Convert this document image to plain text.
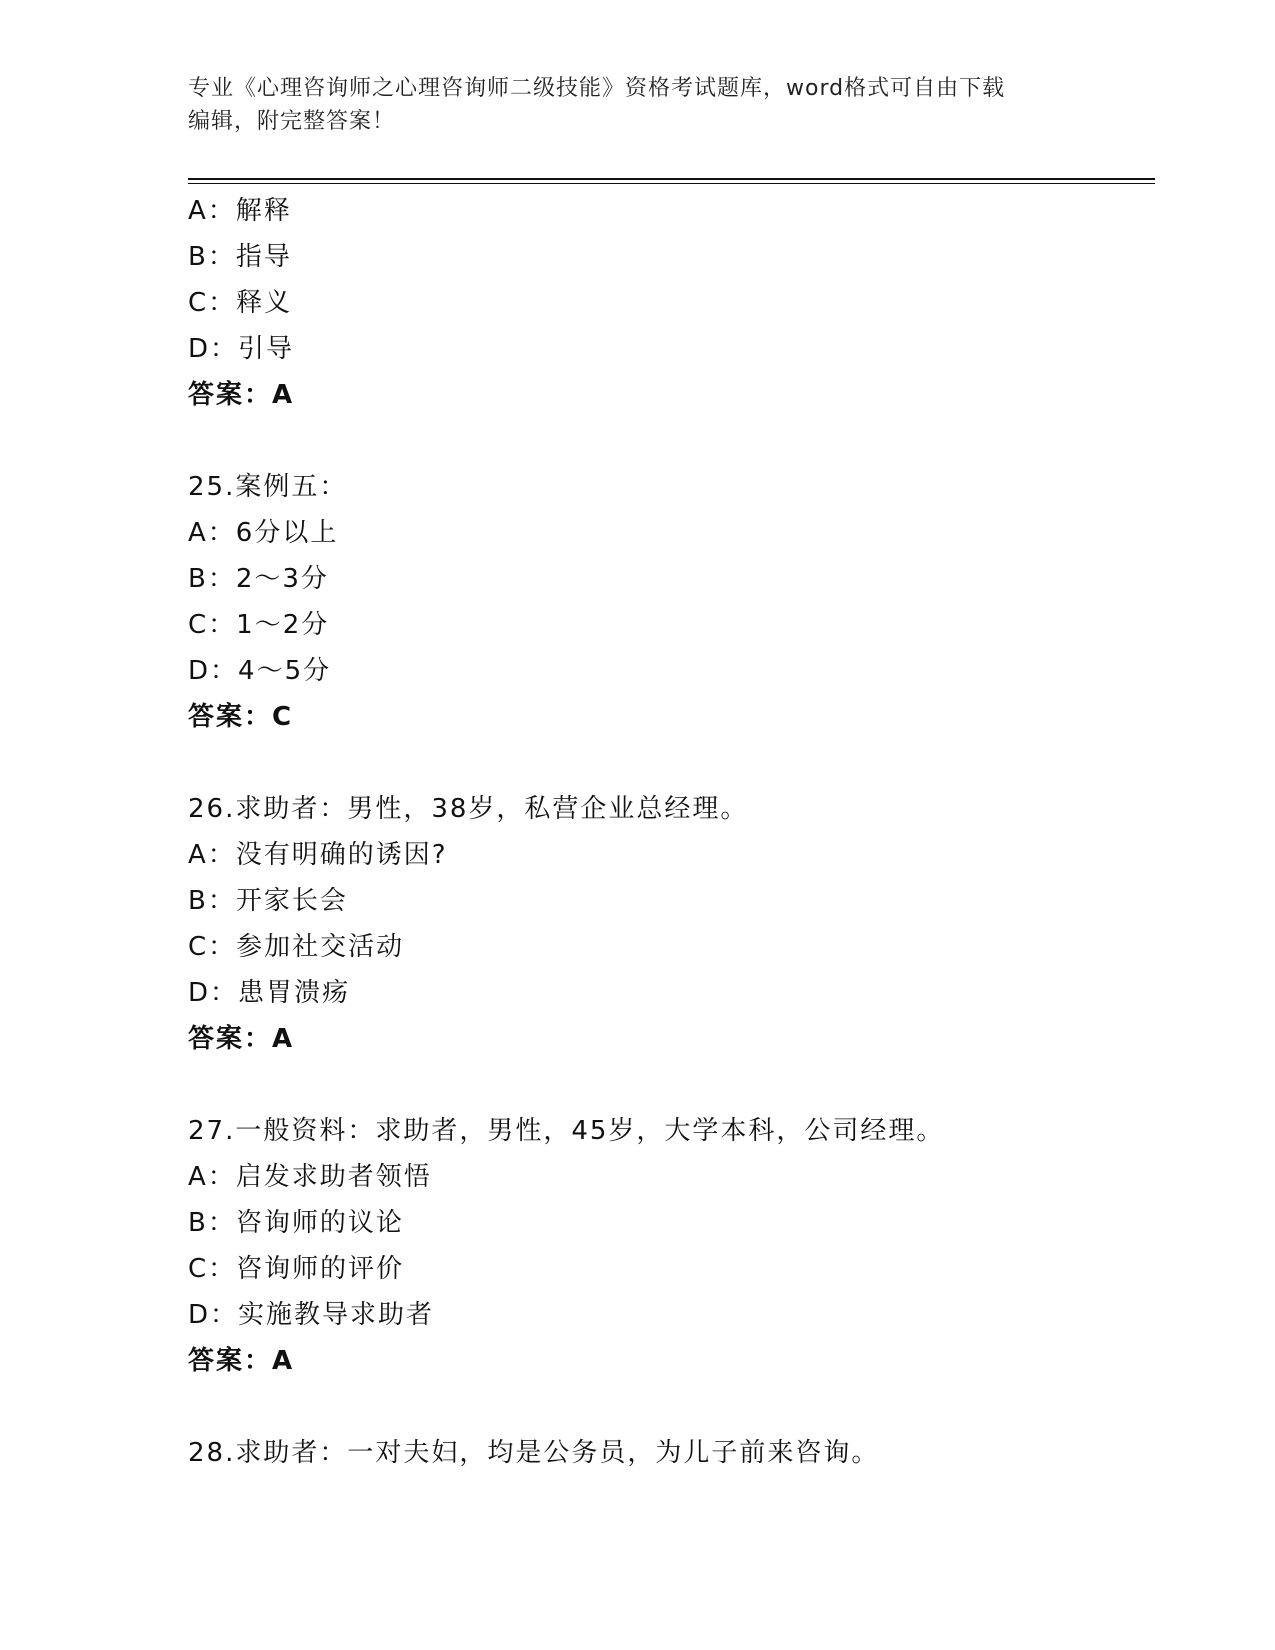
专业《心理咨询师之心理咨询师二级技能》资格考试题库，word格式可自由下载
编辑，附完整答案！
A：解释
B：指导
C：释义
D：引导
答案：A
25.案例五：
A：6分以上
B：2～3分
C：1～2分
D：4～5分
答案：C
26.求助者：男性，38岁，私营企业总经理。
A：没有明确的诱因?
B：开家长会
C：参加社交活动
D：患胃溃疡
答案：A
27.一般资料：求助者，男性，45岁，大学本科，公司经理。
A：启发求助者领悟
B：咨询师的议论
C：咨询师的评价
D：实施教导求助者
答案：A
28.求助者：一对夫妇，均是公务员，为儿子前来咨询。
